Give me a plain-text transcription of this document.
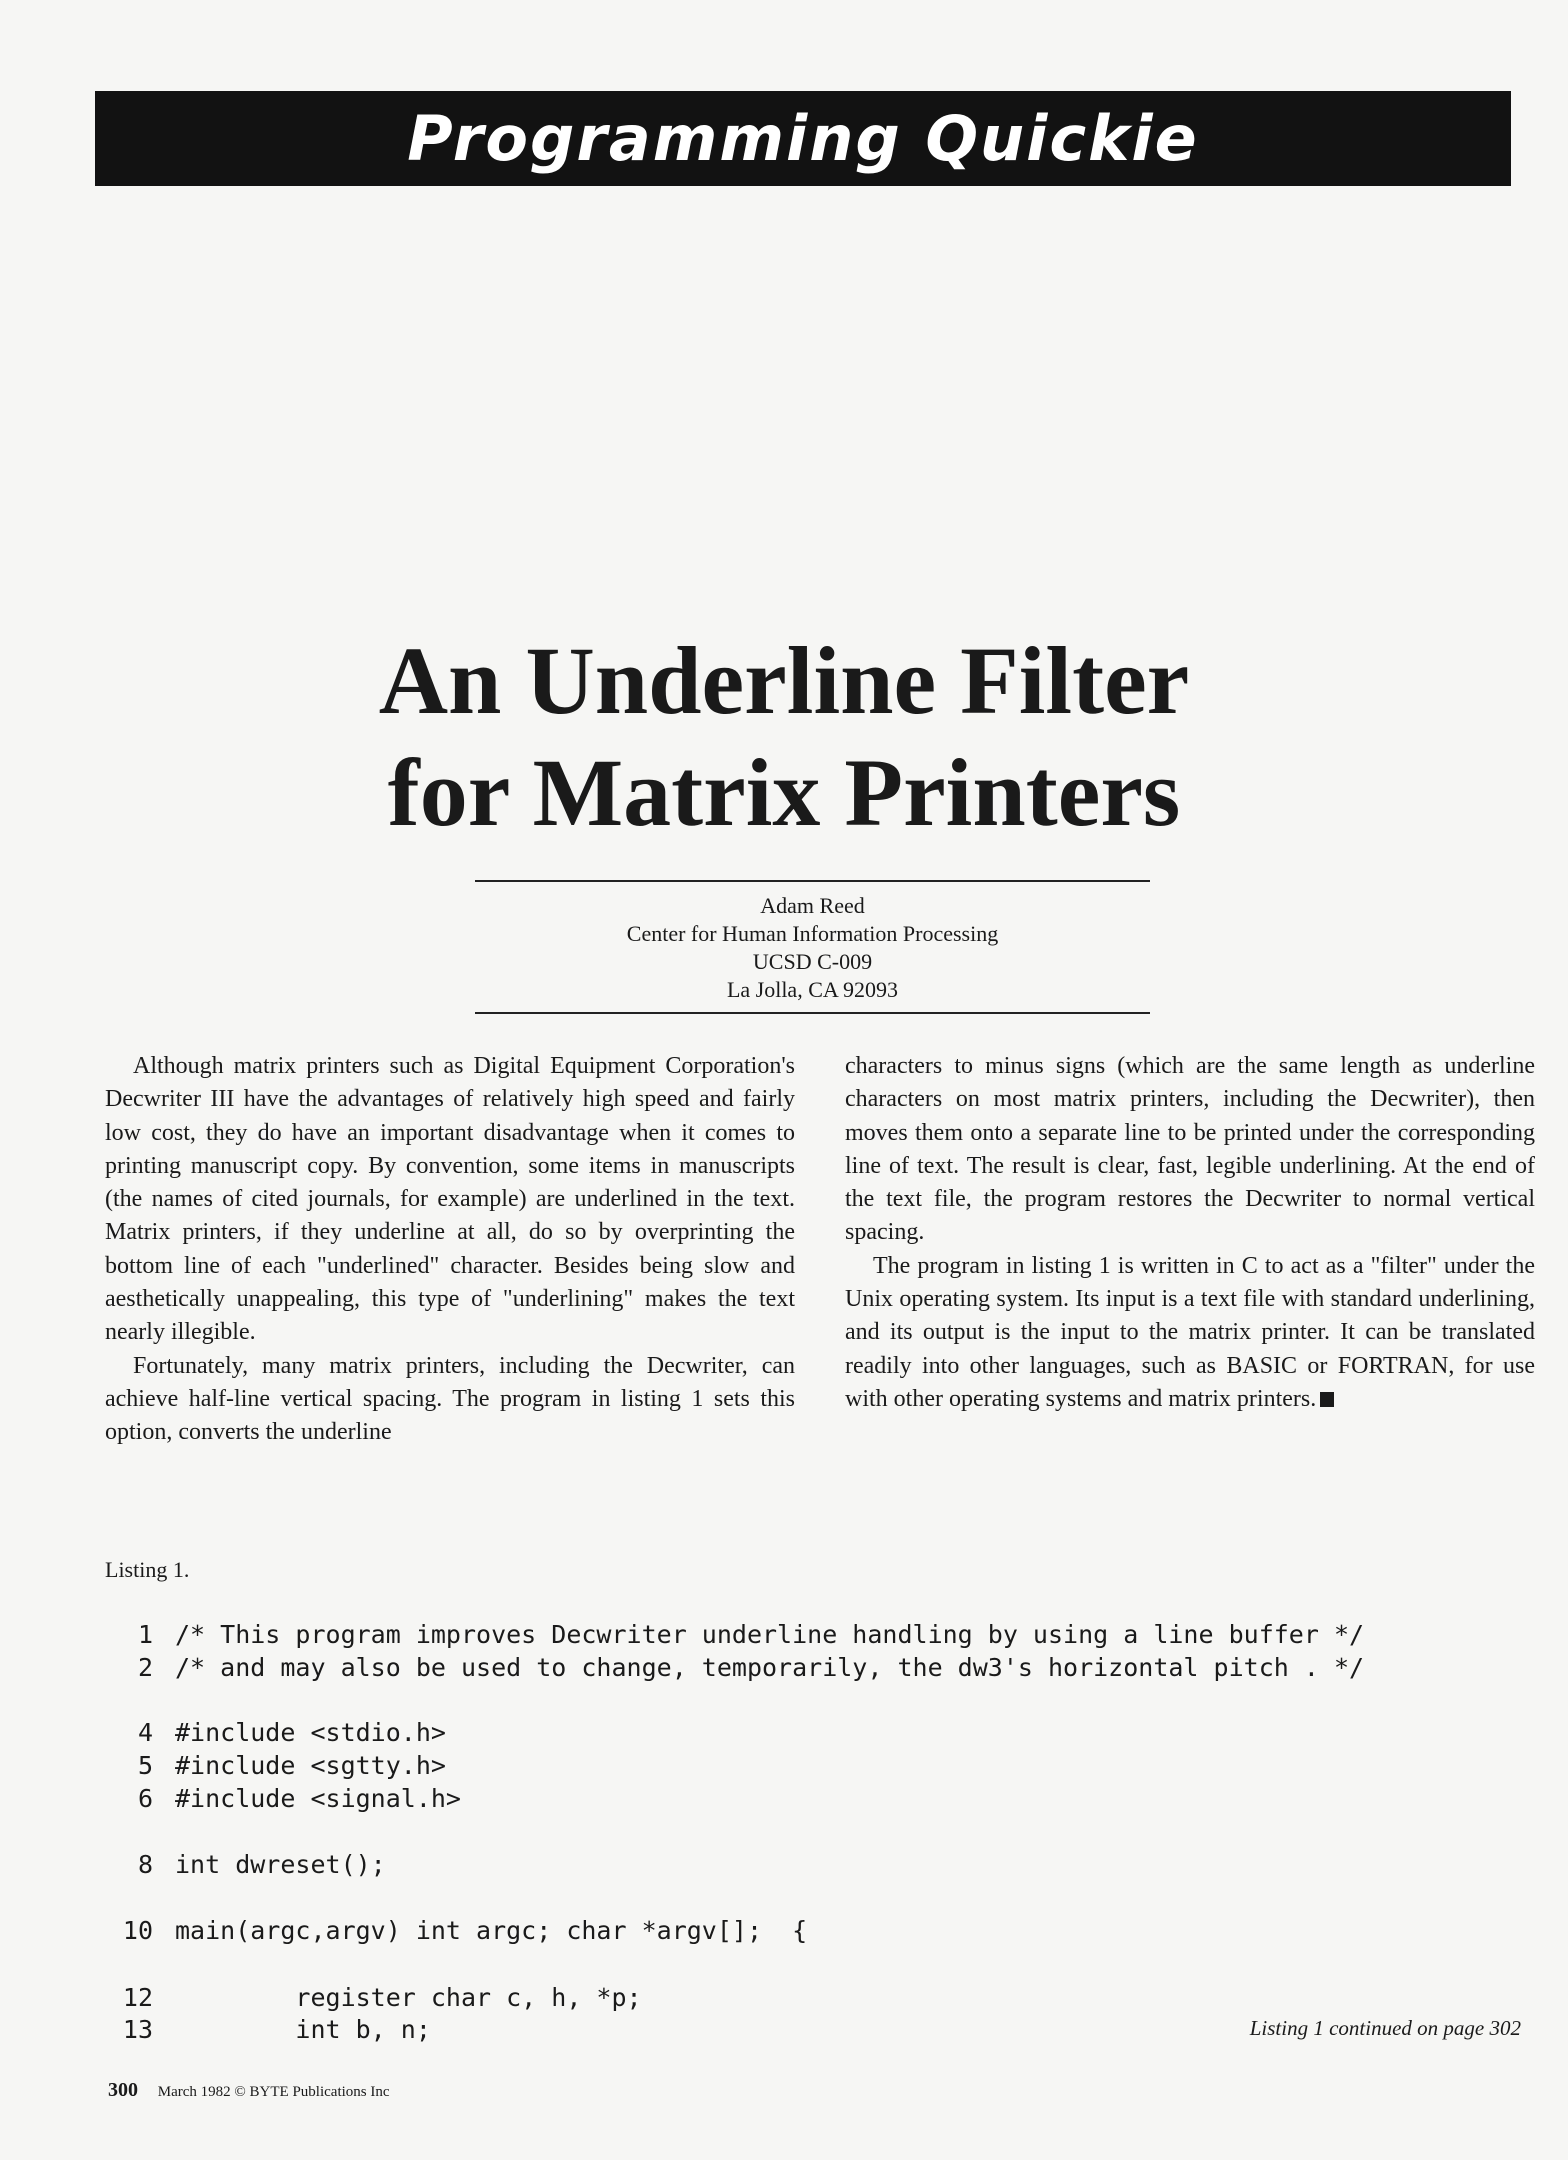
Programming Quickie
An Underline Filter
for Matrix Printers
Adam Reed
Center for Human Information Processing
UCSD C-009
La Jolla, CA 92093

Although matrix printers such as Digital Equipment Corporation's Decwriter III have the advantages of relatively high speed and fairly low cost, they do have an important disadvantage when it comes to printing manuscript copy. By convention, some items in manuscripts (the names of cited journals, for example) are underlined in the text. Matrix printers, if they underline at all, do so by overprinting the bottom line of each "underlined" character. Besides being slow and aesthetically unappealing, this type of "underlining" makes the text nearly illegible.

Fortunately, many matrix printers, including the Decwriter, can achieve half-line vertical spacing. The program in listing 1 sets this option, converts the underline

characters to minus signs (which are the same length as underline characters on most matrix printers, including the Decwriter), then moves them onto a separate line to be printed under the corresponding line of text. The result is clear, fast, legible underlining. At the end of the text file, the program restores the Decwriter to normal vertical spacing.

The program in listing 1 is written in C to act as a "filter" under the Unix operating system. Its input is a text file with standard underlining, and its output is the input to the matrix printer. It can be translated readily into other languages, such as BASIC or FORTRAN, for use with other operating systems and matrix printers.

Listing 1.
1 /* This program improves Decwriter underline handling by using a line buffer */
2 /* and may also be used to change, temporarily, the dw3's horizontal pitch . */
4 #include <stdio.h>
5 #include <sgtty.h>
6 #include <signal.h>
8 int dwreset();
10 main(argc,argv) int argc; char *argv[];  {
12        register char c, h, *p;
13        int b, n;	Listing 1 continued on page 302
300 March 1982 © BYTE Publications Inc
